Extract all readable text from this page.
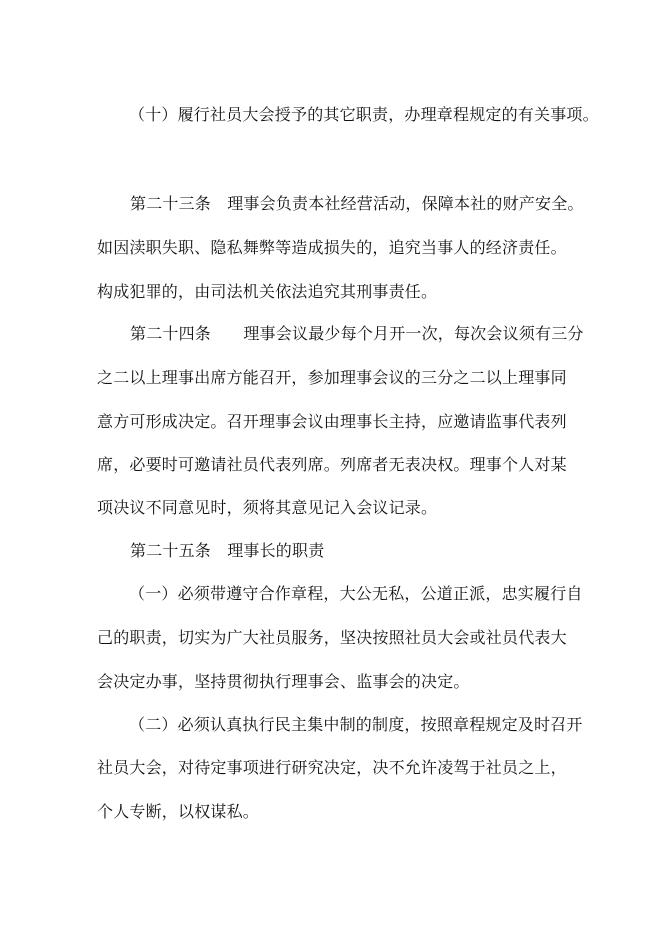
（十）履行社员大会授予的其它职责，办理章程规定的有关事项。
第二十三条　理事会负责本社经营活动，保障本社的财产安全。
如因渎职失职、隐私舞弊等造成损失的，追究当事人的经济责任。
构成犯罪的，由司法机关依法追究其刑事责任。
第二十四条　　理事会议最少每个月开一次，每次会议须有三分
之二以上理事出席方能召开，参加理事会议的三分之二以上理事同
意方可形成决定。召开理事会议由理事长主持，应邀请监事代表列
席，必要时可邀请社员代表列席。列席者无表决权。理事个人对某
项决议不同意见时，须将其意见记入会议记录。
第二十五条　理事长的职责
（一）必须带遵守合作章程，大公无私，公道正派，忠实履行自
己的职责，切实为广大社员服务，坚决按照社员大会或社员代表大
会决定办事，坚持贯彻执行理事会、监事会的决定。
（二）必须认真执行民主集中制的制度，按照章程规定及时召开
社员大会，对待定事项进行研究决定，决不允许凌驾于社员之上，
个人专断，以权谋私。
